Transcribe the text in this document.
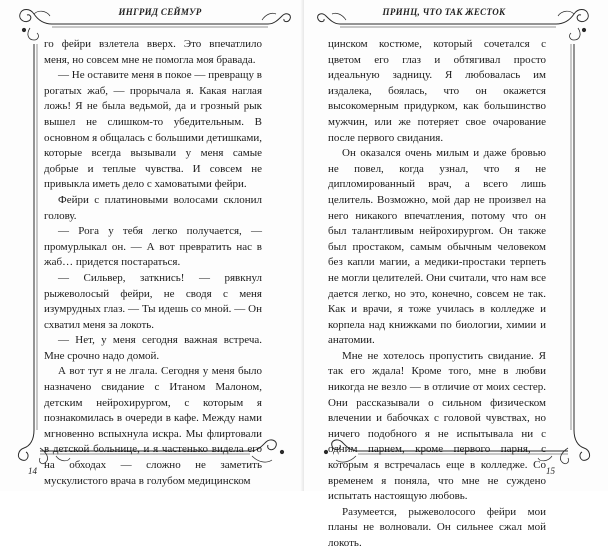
ИНГРИД СЕЙМУР

го фейри взлетела вверх. Это впечатлило меня, но совсем мне не помогла моя бравада.

— Не оставите меня в покое — превращу в рогатых жаб, — прорычала я. Какая наглая ложь! Я не была ведьмой, да и грозный рык вышел не слишком-то убедительным. В основном я общалась с большими детишками, которые всегда вызывали у меня самые добрые и теплые чувства. И совсем не привыкла иметь дело с хамоватыми фейри.

Фейри с платиновыми волосами склонил голову.

— Рога у тебя легко получается, — промурлыкал он. — А вот превратить нас в жаб… придется постараться.

— Сильвер, заткнись! — рявкнул рыжеволосый фейри, не сводя с меня изумрудных глаз. — Ты идешь со мной. — Он схватил меня за локоть.

— Нет, у меня сегодня важная встреча. Мне срочно надо домой.

А вот тут я не лгала. Сегодня у меня было назначено свидание с Итаном Малоном, детским нейрохирургом, с которым я познакомилась в очереди в кафе. Между нами мгновенно вспыхнула искра. Мы флиртовали в детской больнице, и я частенько видела его на обходах — сложно не заметить мускулистого врача в голубом медицинском

14
ПРИНЦ, ЧТО ТАК ЖЕСТОК

цинском костюме, который сочетался с цветом его глаз и обтягивал просто идеальную задницу. Я любовалась им издалека, боялась, что он окажется высокомерным придурком, как большинство мужчин, или же потеряет свое очарование после первого свидания.

Он оказался очень милым и даже бровью не повел, когда узнал, что я не дипломированный врач, а всего лишь целитель. Возможно, мой дар не произвел на него никакого впечатления, потому что он был талантливым нейрохирургом. Он также был простаком, самым обычным человеком без капли магии, а медики-простаки терпеть не могли целителей. Они считали, что нам все дается легко, но это, конечно, совсем не так. Как и врачи, я тоже училась в колледже и корпела над книжками по биологии, химии и анатомии.

Мне не хотелось пропустить свидание. Я так его ждала! Кроме того, мне в любви никогда не везло — в отличие от моих сестер. Они рассказывали о сильном физическом влечении и бабочках с головой чувствах, но ничего подобного я не испытывала ни с одним парнем, кроме первого парня, с которым я встречалась еще в колледже. Со временем я поняла, что мне не суждено испытать настоящую любовь.

Разумеется, рыжеволосого фейри мои планы не волновали. Он сильнее сжал мой локоть.

15
